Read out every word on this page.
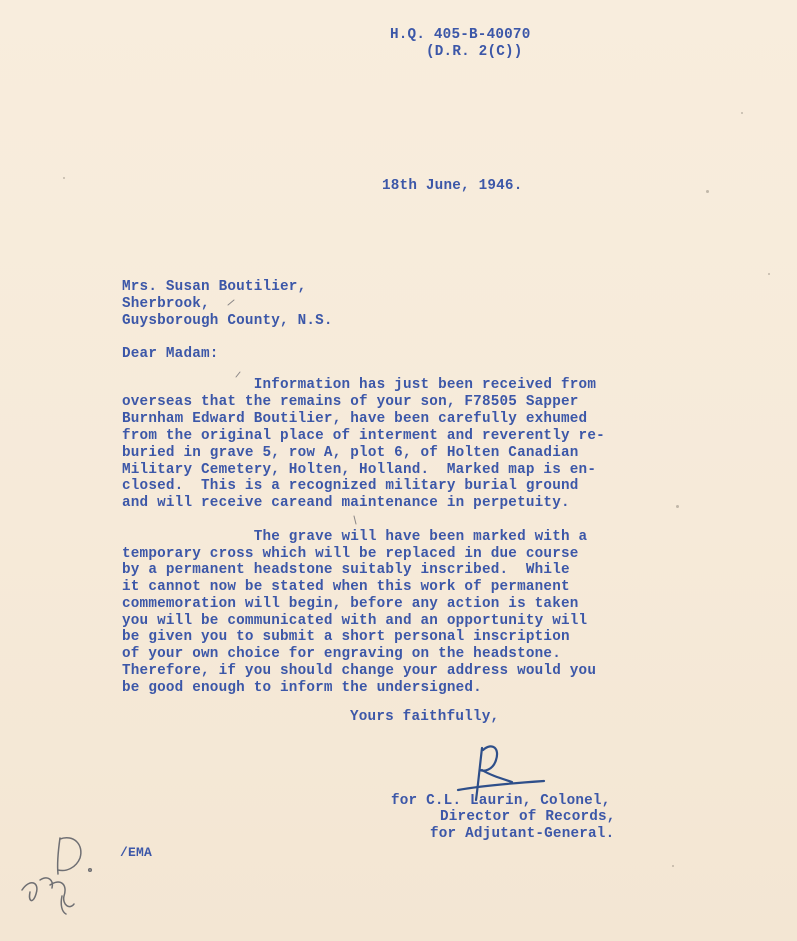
H.Q. 405-B-40070
(D.R. 2(C))
18th June, 1946.
Mrs. Susan Boutilier,
Sherbrook,
Guysborough County, N.S.
Dear Madam:
Information has just been received from
overseas that the remains of your son, F78505 Sapper
Burnham Edward Boutilier, have been carefully exhumed
from the original place of interment and reverently re-
buried in grave 5, row A, plot 6, of Holten Canadian
Military Cemetery, Holten, Holland.  Marked map is en-
closed.  This is a recognized military burial ground
and will receive careand maintenance in perpetuity.
The grave will have been marked with a
temporary cross which will be replaced in due course
by a permanent headstone suitably inscribed.  While
it cannot now be stated when this work of permanent
commemoration will begin, before any action is taken
you will be communicated with and an opportunity will
be given you to submit a short personal inscription
of your own choice for engraving on the headstone.
Therefore, if you should change your address would you
be good enough to inform the undersigned.
Yours faithfully,
for C.L. Laurin, Colonel,
Director of Records,
for Adjutant-General.
/EMA
